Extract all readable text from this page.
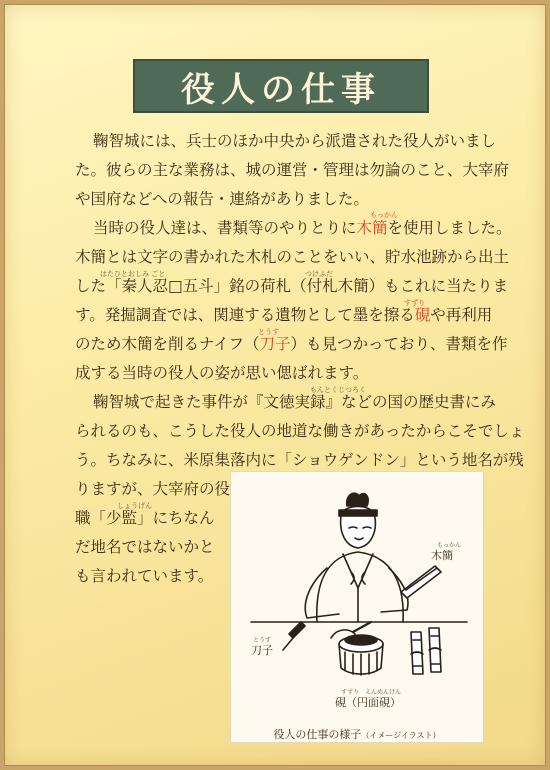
役人の仕事
鞠智城には、兵士のほか中央から派遣された役人がいまし
た。彼らの主な業務は、城の運営・管理は勿論のこと、大宰府
や国府などへの報告・連絡がありました。
当時の役人達は、書類等のやりとりに木簡を使用しました。
もっかん
木簡とは文字の書かれた木札のことをいい、貯水池跡から出土
はたひとおしみ ごと	つけふだ
した「秦人忍□五斗」銘の荷札（付札木簡）もこれに当たりま
すずり
す。発掘調査では、関連する遺物として墨を擦る硯や再利用
とうす
のため木簡を削るナイフ（刀子）も見つかっており、書類を作
成する当時の役人の姿が思い偲ばれます。
もんとくじつろく
鞠智城で起きた事件が『文徳実録』などの国の歴史書にみ
られるのも、こうした役人の地道な働きがあったからこそでしょ
う。ちなみに、米原集落内に「ショウゲンドン」という地名が残
りますが、大宰府の役
しょうげん
職「少監」にちなん
だ地名ではないかと
も言われています。
もっかん
木簡
とうす
刀子
すずり　えんめんけん
硯（円面硯）
役人の仕事の様子（イメージイラスト）
